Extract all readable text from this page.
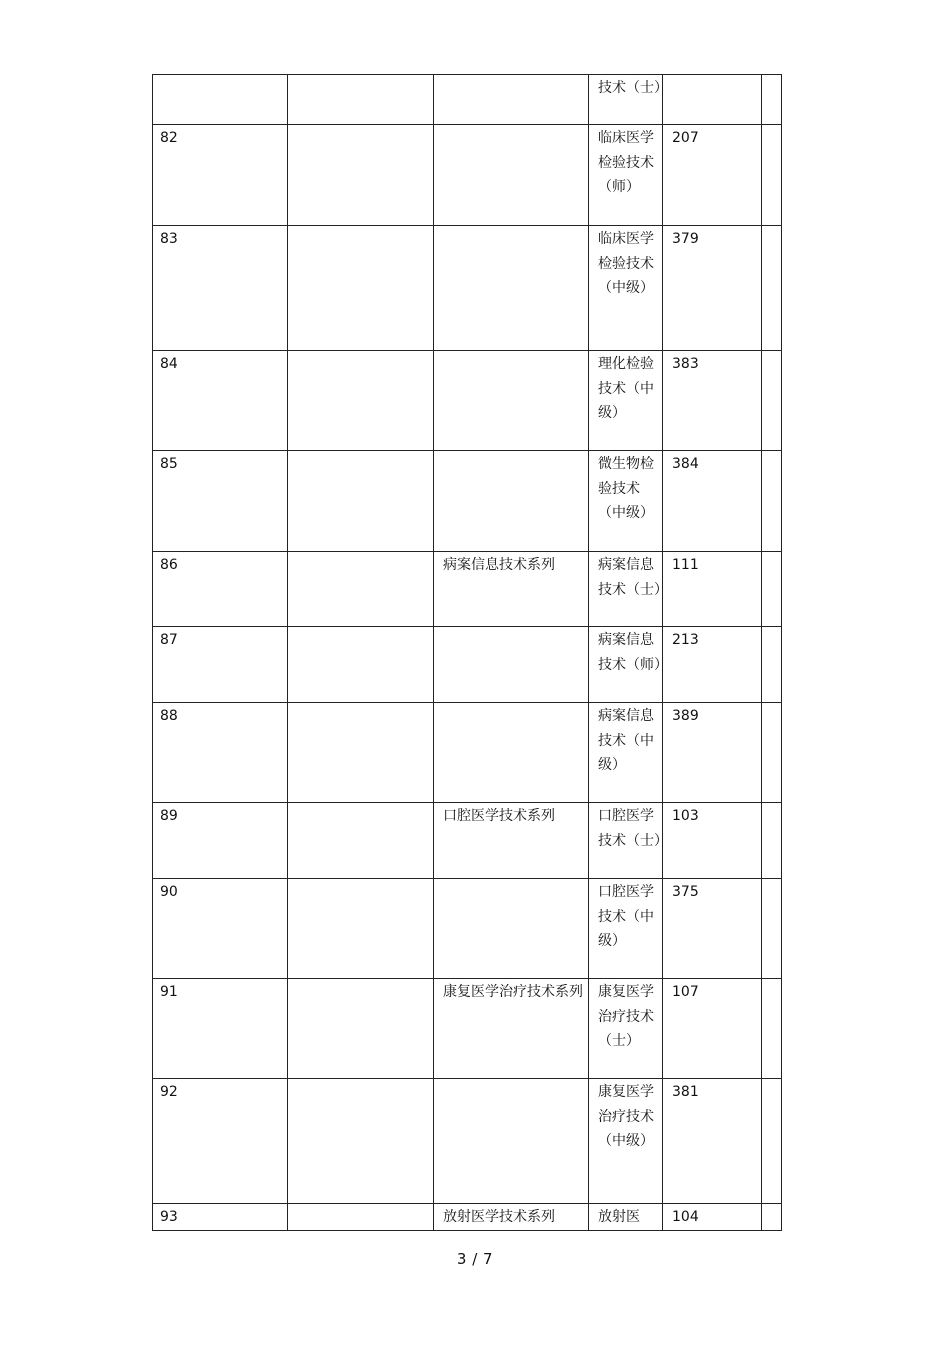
			技术（士）		

82			临床医学检验技术（师）	207	

83			临床医学检验技术（中级）	379	

84			理化检验技术（中级）	383	

85			微生物检验技术（中级）	384	

86		病案信息技术系列	病案信息技术（士）	111	

87			病案信息技术（师）	213	

88			病案信息技术（中级）	389	

89		口腔医学技术系列	口腔医学技术（士）	103	

90			口腔医学技术（中级）	375	

91		康复医学治疗技术系列	康复医学治疗技术（士）	107	

92			康复医学治疗技术（中级）	381	

93		放射医学技术系列	放射医	104	

3 / 7
